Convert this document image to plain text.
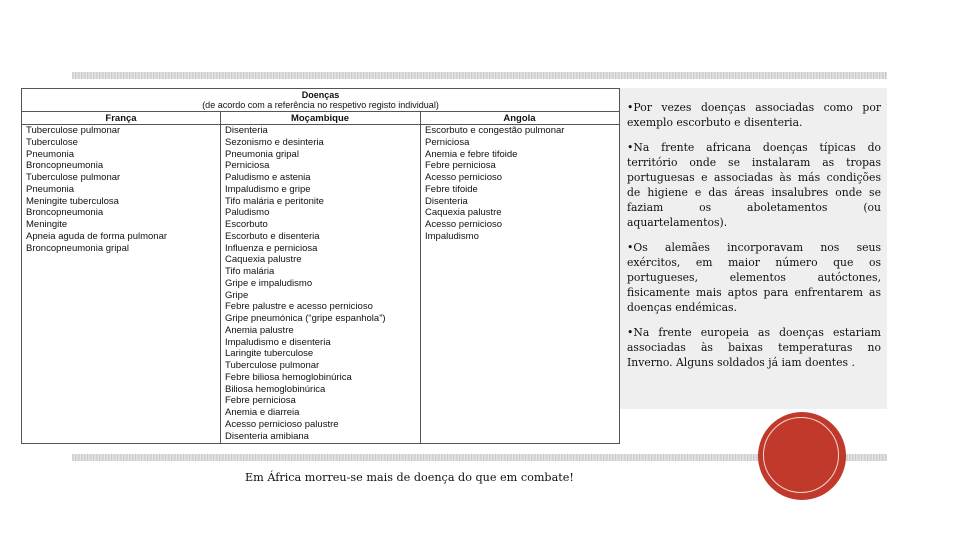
Doenças
(de acordo com a referência no respetivo registo individual)
França	Moçambique	Angola
Tuberculose pulmonar
Tuberculose
Pneumonia
Broncopneumonia
Tuberculose pulmonar
Pneumonia
Meningite tuberculosa
Broncopneumonia
Meningite
Apneia aguda de forma pulmonar
Broncopneumonia gripal
Disenteria
Sezonismo e desinteria
Pneumonia gripal
Perniciosa
Paludismo e astenia
Impaludismo e gripe
Tifo malária e peritonite
Paludismo
Escorbuto
Escorbuto e disenteria
Influenza e perniciosa
Caquexia palustre
Tifo malária
Gripe e impaludismo
Gripe
Febre palustre e acesso pernicioso
Gripe pneumónica (“gripe espanhola”)
Anemia palustre
Impaludismo e disenteria
Laringite tuberculose
Tuberculose pulmonar
Febre biliosa hemoglobinúrica
Biliosa hemoglobinúrica
Febre perniciosa
Anemia e diarreia
Acesso pernicioso palustre
Disenteria amibiana
Escorbuto e congestão pulmonar
Perniciosa
Anemia e febre tifoide
Febre perniciosa
Acesso pernicioso
Febre tifoide
Disenteria
Caquexia palustre
Acesso pernicioso
Impaludismo

•Por vezes doenças associadas como por exemplo escorbuto e disenteria.

•Na frente africana doenças típicas do território onde se instalaram as tropas portuguesas e associadas às más condições de higiene e das áreas insalubres onde se faziam os aboletamentos (ou aquartelamentos).

•Os alemães incorporavam nos seus exércitos, em maior número que os portugueses, elementos autóctones, fisicamente mais aptos para enfrentarem as doenças endémicas.

•Na frente europeia as doenças estariam associadas às baixas temperaturas no Inverno. Alguns soldados já iam doentes .

Em África morreu-se mais de doença do que em combate!
